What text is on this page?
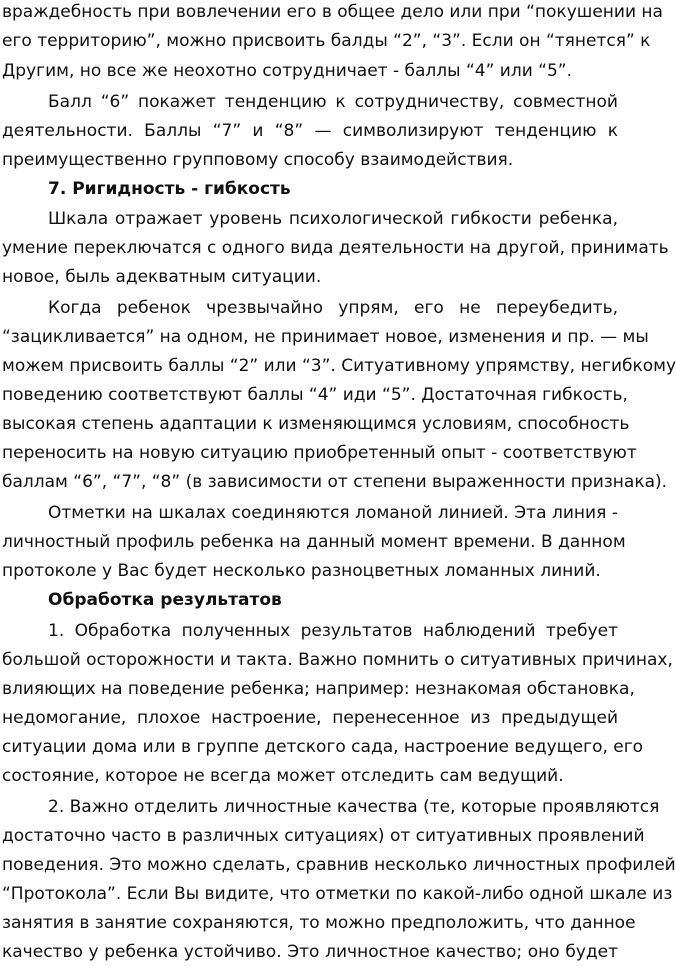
враждебность при вовлечении его в общее дело или при “покушении на
его территорию”, можно присвоить балды “2”, “3”. Если он “тянется” к
Другим, но все же неохотно сотрудничает - баллы “4” или “5”.
Балл “6” покажет тенденцию к сотрудничеству, совместной
деятельности. Баллы “7” и “8” — символизируют тенденцию к
преимущественно групповому способу взаимодействия.
7. Ригидность - гибкость
Шкала отражает уровень психологической гибкости ребенка,
умение переключатся с одного вида деятельности на другой, принимать
новое, быль адекватным ситуации.
Когда ребенок чрезвычайно упрям, его не переубедить,
“зацикливается” на одном, не принимает новое, изменения и пр. — мы
можем присвоить баллы “2” или “3”. Ситуативному упрямству, негибкому
поведению соответствуют баллы “4” иди “5”. Достаточная гибкость,
высокая степень адаптации к изменяющимся условиям, способность
переносить на новую ситуацию приобретенный опыт - соответствуют
баллам “6”, “7”, “8” (в зависимости от степени выраженности признака).
Отметки на шкалах соединяются ломаной линией. Эта линия -
личностный профиль ребенка на данный момент времени. В данном
протоколе у Вас будет несколько разноцветных ломанных линий.
Обработка результатов
1. Обработка полученных результатов наблюдений требует
большой осторожности и такта. Важно помнить о ситуативных причинах,
влияющих на поведение ребенка; например: незнакомая обстановка,
недомогание, плохое настроение, перенесенное из предыдущей
ситуации дома или в группе детского сада, настроение ведущего, его
состояние, которое не всегда может отследить сам ведущий.
2. Важно отделить личностные качества (те, которые проявляются
достаточно часто в различных ситуациях) от ситуативных проявлений
поведения. Это можно сделать, сравнив несколько личностных профилей
“Протокола”. Если Вы видите, что отметки по какой-либо одной шкале из
занятия в занятие сохраняются, то можно предположить, что данное
качество у ребенка устойчиво. Это личностное качество; оно будет
